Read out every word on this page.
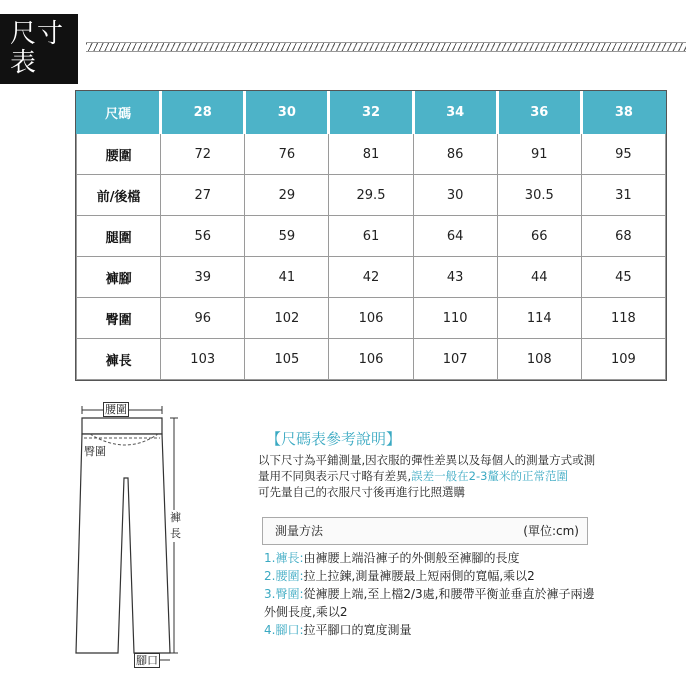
尺寸
表
尺碼	28	30	32	34	36	38
腰圍	72	76	81	86	91	95
前/後檔	27	29	29.5	30	30.5	31
腿圍	56	59	61	64	66	68
褲腳	39	41	42	43	44	45
臀圍	96	102	106	110	114	118
褲長	103	105	106	107	108	109
腰圍
臀圍
褲
長
腳口
【尺碼表參考說明】
以下尺寸為平鋪測量,因衣服的彈性差異以及每個人的測量方式或測
量用不同與表示尺寸略有差異,誤差一般在2-3釐米的正常范圍
可先量自己的衣服尺寸後再進行比照選購
測量方法	(單位:cm)
1.褲長:由褲腰上端沿褲子的外側般至褲腳的長度
2.腰圍:拉上拉鍊,測量褲腰最上短兩側的寬幅,乘以2
3.臀圍:從褲腰上端,至上檔2/3處,和腰帶平衡並垂直於褲子兩邊
外側長度,乘以2
4.腳口:拉平腳口的寬度測量
